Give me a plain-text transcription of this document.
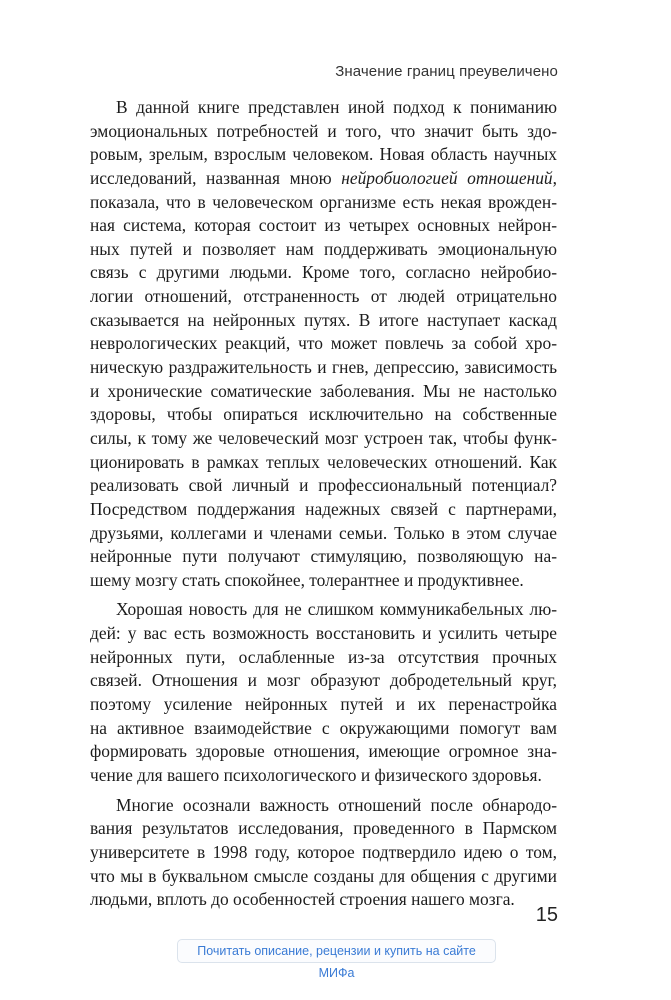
Значение границ преувеличено
В данной книге представлен иной подход к пониманию
эмоциональных потребностей и того, что значит быть здо-
ровым, зрелым, взрослым человеком. Новая область научных
исследований, названная мною нейробиологией отношений,
показала, что в человеческом организме есть некая врожден-
ная система, которая состоит из четырех основных нейрон-
ных путей и позволяет нам поддерживать эмоциональную
связь с другими людьми. Кроме того, согласно нейробио-
логии отношений, отстраненность от людей отрицательно
сказывается на нейронных путях. В итоге наступает каскад
неврологических реакций, что может повлечь за собой хро-
ническую раздражительность и гнев, депрессию, зависимость
и хронические соматические заболевания. Мы не настолько
здоровы, чтобы опираться исключительно на собственные
силы, к тому же человеческий мозг устроен так, чтобы функ-
ционировать в рамках теплых человеческих отношений. Как
реализовать свой личный и профессиональный потенциал?
Посредством поддержания надежных связей с партнерами,
друзьями, коллегами и членами семьи. Только в этом случае
нейронные пути получают стимуляцию, позволяющую на-
шему мозгу стать спокойнее, толерантнее и продуктивнее.
Хорошая новость для не слишком коммуникабельных лю-
дей: у вас есть возможность восстановить и усилить четыре
нейронных пути, ослабленные из-за отсутствия прочных
связей. Отношения и мозг образуют добродетельный круг,
поэтому усиление нейронных путей и их перенастройка
на активное взаимодействие с окружающими помогут вам
формировать здоровые отношения, имеющие огромное зна-
чение для вашего психологического и физического здоровья.
Многие осознали важность отношений после обнародо-
вания результатов исследования, проведенного в Пармском
университете в 1998 году, которое подтвердило идею о том,
что мы в буквальном смысле созданы для общения с другими
людьми, вплоть до особенностей строения нашего мозга.
15
Почитать описание, рецензии и купить на сайте МИФа
